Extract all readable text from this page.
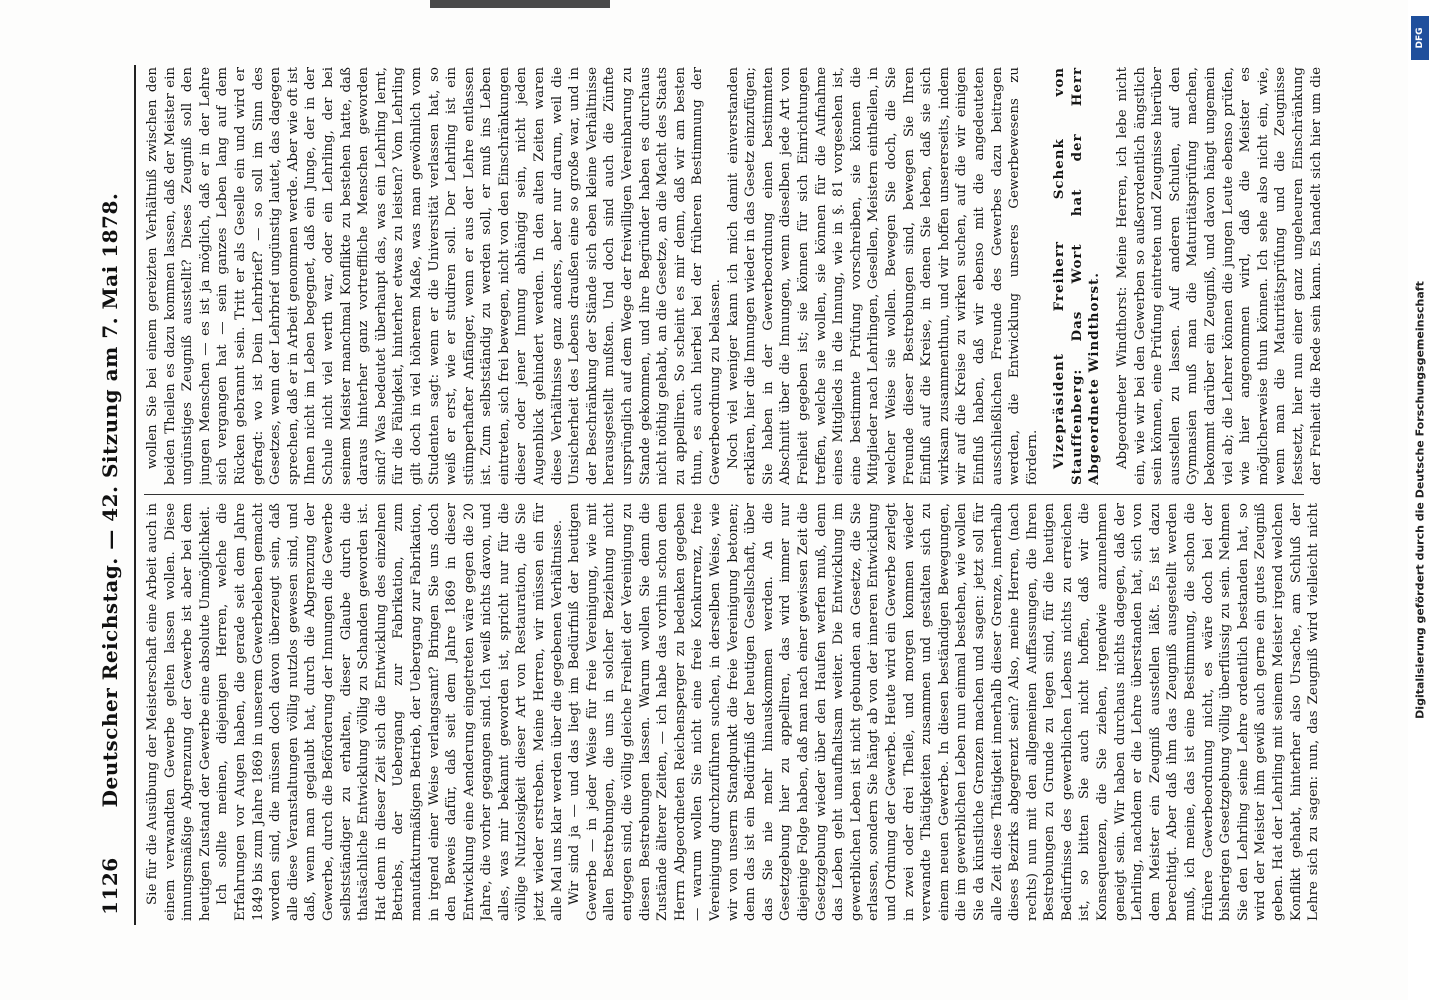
1126
Deutscher Reichstag. — 42. Sitzung am 7. Mai 1878. Sie für die Ausübung der Meisterschaft eine Arbeit auch in einem verwandten Gewerbe gelten lassen wollen. Diese innungsmäßige Abgrenzung der Gewerbe ist aber bei dem heutigen Zustand der Gewerbe eine absolute Unmöglichkeit. Ich sollte meinen, diejenigen Herren, welche die Erfahrungen vor Augen haben, die gerade seit dem Jahre 1849 bis zum Jahre 1869 in unserem Gewerbeleben gemacht worden sind, die müssen doch davon überzeugt sein, daß alle diese Veranstaltungen völlig nutzlos gewesen sind, und daß, wenn man geglaubt hat, durch die Abgrenzung der Gewerbe, durch die Beförderung der Innungen die Gewerbe selbstständiger zu erhalten, dieser Glaube durch die thatsächliche Entwicklung völlig zu Schanden geworden ist. Hat denn in dieser Zeit sich die Entwicklung des einzelnen Betriebs, der Uebergang zur Fabrikation, zum manufakturmäßigen Betrieb, der Uebergang zur Fabrikation, in irgend einer Weise verlangsamt? Bringen Sie uns doch den Beweis dafür, daß seit dem Jahre 1869 in dieser Entwicklung eine Aenderung eingetreten wäre gegen die 20 Jahre, die vorher gegangen sind. Ich weiß nichts davon, und alles, was mir bekannt geworden ist, spricht nur für die völlige Nutzlosigkeit dieser Art von Restauration, die Sie jetzt wieder erstreben. Meine Herren, wir müssen ein für alle Mal uns klar werden über die gegebenen Verhältnisse. Wir sind ja — und das liegt im Bedürfniß der heutigen Gewerbe — in jeder Weise für freie Vereinigung, wie mit allen Bestrebungen, die uns in solcher Beziehung nicht entgegen sind, die völlig gleiche Freiheit der Vereinigung zu diesen Bestrebungen lassen. Warum wollen Sie denn die Zustände älterer Zeiten, — ich habe das vorhin schon dem Herrn Abgeordneten Reichensperger zu bedenken gegeben — warum wollen Sie nicht eine freie Konkurrenz, freie Vereinigung durchzuführen suchen, in derselben Weise, wie wir von unserm Standpunkt die freie Vereinigung betonen; denn das ist ein Bedürfniß der heutigen Gesellschaft, über das Sie nie mehr hinauskommen werden. An die Gesetzgebung hier zu appelliren, das wird immer nur diejenige Folge haben, daß man nach einer gewissen Zeit die Gesetzgebung wieder über den Haufen werfen muß, denn das Leben geht unaufhaltsam weiter. Die Entwicklung im gewerblichen Leben ist nicht gebunden an Gesetze, die Sie erlassen, sondern Sie hängt ab von der inneren Entwicklung und Ordnung der Gewerbe. Heute wird ein Gewerbe zerlegt in zwei oder drei Theile, und morgen kommen wieder verwandte Thätigkeiten zusammen und gestalten sich zu einem neuen Gewerbe. In diesen beständigen Bewegungen, die im gewerblichen Leben nun einmal bestehen, wie wollen Sie da künstliche Grenzen machen und sagen: jetzt soll für alle Zeit diese Thätigkeit innerhalb dieser Grenze, innerhalb dieses Bezirks abgegrenzt sein? Also, meine Herren, (nach rechts) nun mit den allgemeinen Auffassungen, die Ihren Bestrebungen zu Grunde zu legen sind, für die heutigen Bedürfnisse des gewerblichen Lebens nichts zu erreichen ist, so bitten Sie auch nicht hoffen, daß wir die Konsequenzen, die Sie ziehen, irgendwie anzunehmen geneigt sein. Wir haben durchaus nichts dagegen, daß der Lehrling, nachdem er die Lehre überstanden hat, sich von dem Meister ein Zeugniß ausstellen läßt. Es ist dazu berechtigt. Aber daß ihm das Zeugniß ausgestellt werden muß, ich meine, das ist eine Bestimmung, die schon die frühere Gewerbeordnung nicht, es wäre doch bei der bisherigen Gesetzgebung völlig überflüssig zu sein. Nehmen Sie den Lehrling seine Lehre ordentlich bestanden hat, so wird der Meister ihm gewiß auch gerne ein gutes Zeugniß geben. Hat der Lehrling mit seinem Meister irgend welchen Konflikt gehabt, hinterher also Ursache, am Schluß der Lehre sich zu sagen: nun, das Zeugniß wird vielleicht nicht

wollen Sie bei einem gereizten Verhältniß zwischen den beiden Theilen es dazu kommen lassen, daß der Meister ein ungünstiges Zeugniß ausstellt? Dieses Zeugniß soll den jungen Menschen — es ist ja möglich, daß er in der Lehre sich vergangen hat — sein ganzes Leben lang auf dem Rücken gebrannt sein. Tritt er als Geselle ein und wird er gefragt: wo ist Dein Lehrbrief? — so soll im Sinn des Gesetzes, wenn der Lehrbrief ungünstig lautet, das dagegen sprechen, daß er in Arbeit genommen werde. Aber wie oft ist Ihnen nicht im Leben begegnet, daß ein Junge, der in der Schule nicht viel werth war, oder ein Lehrling, der bei seinem Meister manchmal Konflikte zu bestehen hatte, daß daraus hinterher ganz vortreffliche Menschen geworden sind? Was bedeutet überhaupt das, was ein Lehrling lernt, für die Fähigkeit, hinterher etwas zu leisten? Vom Lehrling gilt doch in viel höherem Maße, was man gewöhnlich vom Studenten sagt: wenn er die Universität verlassen hat, so weiß er erst, wie er studiren soll. Der Lehrling ist ein stümperhafter Anfänger, wenn er aus der Lehre entlassen ist. Zum selbstständig zu werden soll, er muß ins Leben eintreten, sich frei bewegen, nicht von den Einschränkungen dieser oder jener Innung abhängig sein, nicht jeden Augenblick gehindert werden. In den alten Zeiten waren diese Verhältnisse ganz anders, aber nur darum, weil die Unsicherheit des Lebens draußen eine so große war, und in der Beschränkung der Stände sich eben kleine Verhältnisse herausgestellt mußten. Und doch sind auch die Zünfte ursprünglich auf dem Wege der freiwilligen Vereinbarung zu Stande gekommen, und ihre Begründer haben es durchaus nicht nöthig gehabt, an die Gesetze, an die Macht des Staats zu appelliren. So scheint es mir denn, daß wir am besten thun, es auch hierbei bei der früheren Bestimmung der Gewerbeordnung zu belassen. Noch viel weniger kann ich mich damit einverstanden erklären, hier die Innungen wieder in das Gesetz einzufügen; Sie haben in der Gewerbeordnung einen bestimmten Abschnitt über die Innungen, wenn dieselben jede Art von Freiheit gegeben ist; sie können für sich Einrichtungen treffen, welche sie wollen, sie können für die Aufnahme eines Mitglieds in die Innung, wie in §. 81 vorgesehen ist, eine bestimmte Prüfung vorschreiben, sie können die Mitglieder nach Lehrlingen, Gesellen, Meistern eintheilen, in welcher Weise sie wollen. Bewegen Sie doch, die Sie Freunde dieser Bestrebungen sind, bewegen Sie Ihren Einfluß auf die Kreise, in denen Sie leben, daß sie sich wirksam zusammenthun, und wir hoffen unsererseits, indem wir auf die Kreise zu wirken suchen, auf die wir einigen Einfluß haben, daß wir ebenso mit die angedeuteten ausschließlichen Freunde des Gewerbes dazu beitragen werden, die Entwicklung unseres Gewerbewesens zu fördern. Vizepräsident Freiherr Schenk von Stauffenberg: Das Wort hat der Herr Abgeordnete Windthorst. Abgeordneter Windthorst: Meine Herren, ich lebe nicht ein, wie wir bei den Gewerben so außerordentlich ängstlich sein können, eine Prüfung eintreten und Zeugnisse hierüber ausstellen zu lassen. Auf anderen Schulen, auf den Gymnasien muß man die Maturitätsprüfung machen, bekommt darüber ein Zeugniß, und davon hängt ungemein viel ab; die Lehrer können die jungen Leute ebenso prüfen, wie hier angenommen wird, daß die Meister es möglicherweise thun können. Ich sehe also nicht ein, wie, wenn man die Maturitätsprüfung und die Zeugnisse festsetzt, hier nun einer ganz ungeheuren Einschränkung der Freiheit die Rede sein kann. Es handelt sich hier um die

Digitalisierung gefördert durch die Deutsche Forschungsgemeinschaft
DFG
